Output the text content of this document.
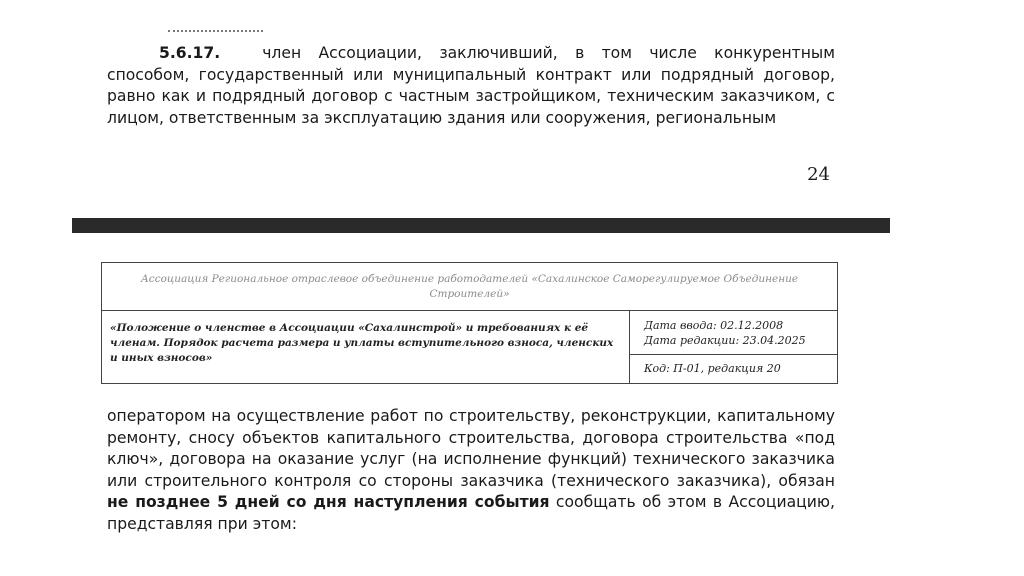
5.6.17.	член Ассоциации, заключивший, в том числе конкурентным способом, государственный или муниципальный контракт или подрядный договор, равно как и подрядный договор с частным застройщиком, техническим заказчиком, с лицом, ответственным за эксплуатацию здания или сооружения, региональным

24
Ассоциация Региональное отраслевое объединение работодателей «Сахалинское Саморегулируемое Объединение Строителей»
«Положение о членстве в Ассоциации «Сахалинстрой» и требованиях к её членам. Порядок расчета размера и уплаты вступительного взноса, членских и иных взносов»
Дата ввода: 02.12.2008
Дата редакции: 23.04.2025
Код: П-01, редакция 20

оператором на осуществление работ по строительству, реконструкции, капитальному ремонту, сносу объектов капитального строительства, договора строительства «под ключ», договора на оказание услуг (на исполнение функций) технического заказчика или строительного контроля со стороны заказчика (технического заказчика), обязан не позднее 5 дней со дня наступления события сообщать об этом в Ассоциацию, представляя при этом:
